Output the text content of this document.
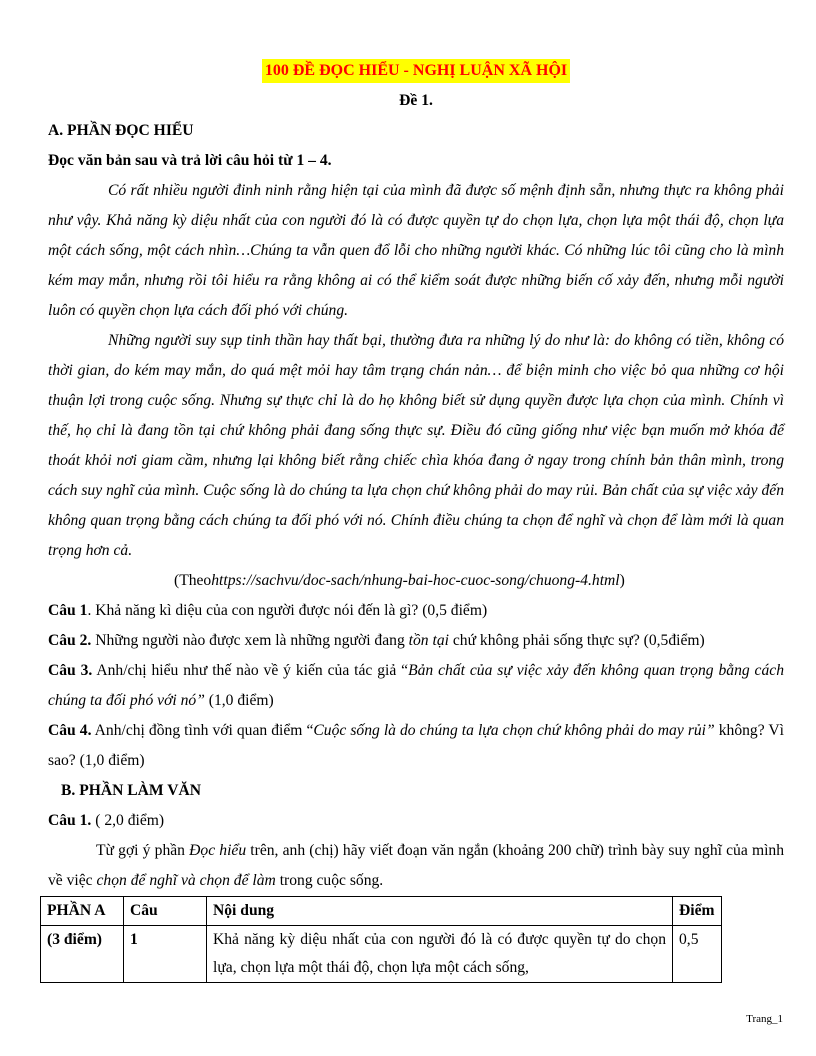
100 ĐỀ ĐỌC HIỂU - NGHỊ LUẬN XÃ HỘI
Đề 1.
A. PHẦN ĐỌC HIỂU
Đọc văn bản sau và trả lời câu hỏi từ 1 – 4.

Có rất nhiều người đinh ninh rằng hiện tại của mình đã được số mệnh định sẵn, nhưng thực ra không phải như vậy. Khả năng kỳ diệu nhất của con người đó là có được quyền tự do chọn lựa, chọn lựa một thái độ, chọn lựa một cách sống, một cách nhìn…Chúng ta vẫn quen đổ lỗi cho những người khác. Có những lúc tôi cũng cho là mình kém may mắn, nhưng rồi tôi hiểu ra rằng không ai có thể kiểm soát được những biến cố xảy đến, nhưng mỗi người luôn có quyền chọn lựa cách đối phó với chúng.

Những người suy sụp tinh thần hay thất bại, thường đưa ra những lý do như là: do không có tiền, không có thời gian, do kém may mắn, do quá mệt mỏi hay tâm trạng chán nản… để biện minh cho việc bỏ qua những cơ hội thuận lợi trong cuộc sống. Nhưng sự thực chỉ là do họ không biết sử dụng quyền được lựa chọn của mình. Chính vì thế, họ chỉ là đang tồn tại chứ không phải đang sống thực sự. Điều đó cũng giống như việc bạn muốn mở khóa để thoát khỏi nơi giam cầm, nhưng lại không biết rằng chiếc chìa khóa đang ở ngay trong chính bản thân mình, trong cách suy nghĩ của mình. Cuộc sống là do chúng ta lựa chọn chứ không phải do may rủi. Bản chất của sự việc xảy đến không quan trọng bằng cách chúng ta đối phó với nó. Chính điều chúng ta chọn để nghĩ và chọn để làm mới là quan trọng hơn cả.

(Theohttps://sachvu/doc-sach/nhung-bai-hoc-cuoc-song/chuong-4.html)

Câu 1. Khả năng kì diệu của con người được nói đến là gì? (0,5 điểm)

Câu 2. Những người nào được xem là những người đang tồn tại chứ không phải sống thực sự? (0,5điểm)

Câu 3. Anh/chị hiểu như thế nào về ý kiến của tác giả “Bản chất của sự việc xảy đến không quan trọng bằng cách chúng ta đối phó với nó” (1,0 điểm)

Câu 4. Anh/chị đồng tình với quan điểm “Cuộc sống là do chúng ta lựa chọn chứ không phải do may rủi” không? Vì sao? (1,0 điểm)

B. PHẦN LÀM VĂN
Câu 1. ( 2,0 điểm)

Từ gợi ý phần Đọc hiểu trên, anh (chị) hãy viết đoạn văn ngắn (khoảng 200 chữ) trình bày suy nghĩ của mình về việc chọn để nghĩ và chọn để làm trong cuộc sống.

PHẦN A	Câu	Nội dung	Điểm
(3 điểm)	1	Khả năng kỳ diệu nhất của con người đó là có được quyền tự do chọn lựa, chọn lựa một thái độ, chọn lựa một cách sống,	0,5
Trang_1
